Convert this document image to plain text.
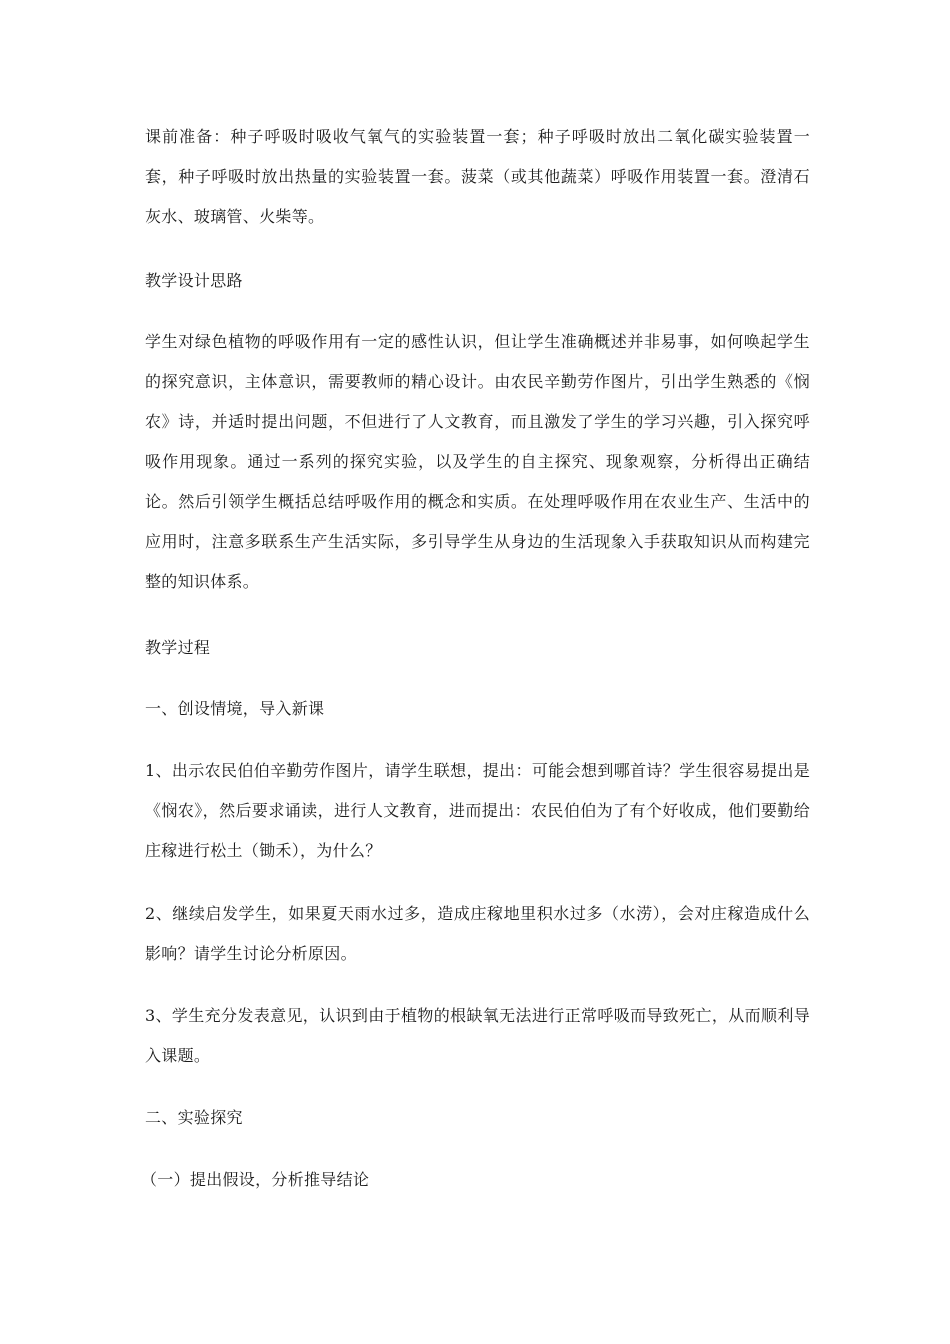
课前准备：种子呼吸时吸收气氧气的实验装置一套；种子呼吸时放出二氧化碳实验装置一套，种子呼吸时放出热量的实验装置一套。菠菜（或其他蔬菜）呼吸作用装置一套。澄清石灰水、玻璃管、火柴等。

教学设计思路

学生对绿色植物的呼吸作用有一定的感性认识，但让学生准确概述并非易事，如何唤起学生的探究意识，主体意识，需要教师的精心设计。由农民辛勤劳作图片，引出学生熟悉的《悯农》诗，并适时提出问题，不但进行了人文教育，而且激发了学生的学习兴趣，引入探究呼吸作用现象。通过一系列的探究实验，以及学生的自主探究、现象观察，分析得出正确结论。然后引领学生概括总结呼吸作用的概念和实质。在处理呼吸作用在农业生产、生活中的应用时，注意多联系生产生活实际，多引导学生从身边的生活现象入手获取知识从而构建完整的知识体系。

教学过程

一、创设情境，导入新课

1、出示农民伯伯辛勤劳作图片，请学生联想，提出：可能会想到哪首诗？学生很容易提出是《悯农》，然后要求诵读，进行人文教育，进而提出：农民伯伯为了有个好收成，他们要勤给庄稼进行松土（锄禾），为什么？

2、继续启发学生，如果夏天雨水过多，造成庄稼地里积水过多（水涝），会对庄稼造成什么影响？请学生讨论分析原因。

3、学生充分发表意见，认识到由于植物的根缺氧无法进行正常呼吸而导致死亡，从而顺利导入课题。

二、实验探究

（一）提出假设，分析推导结论
